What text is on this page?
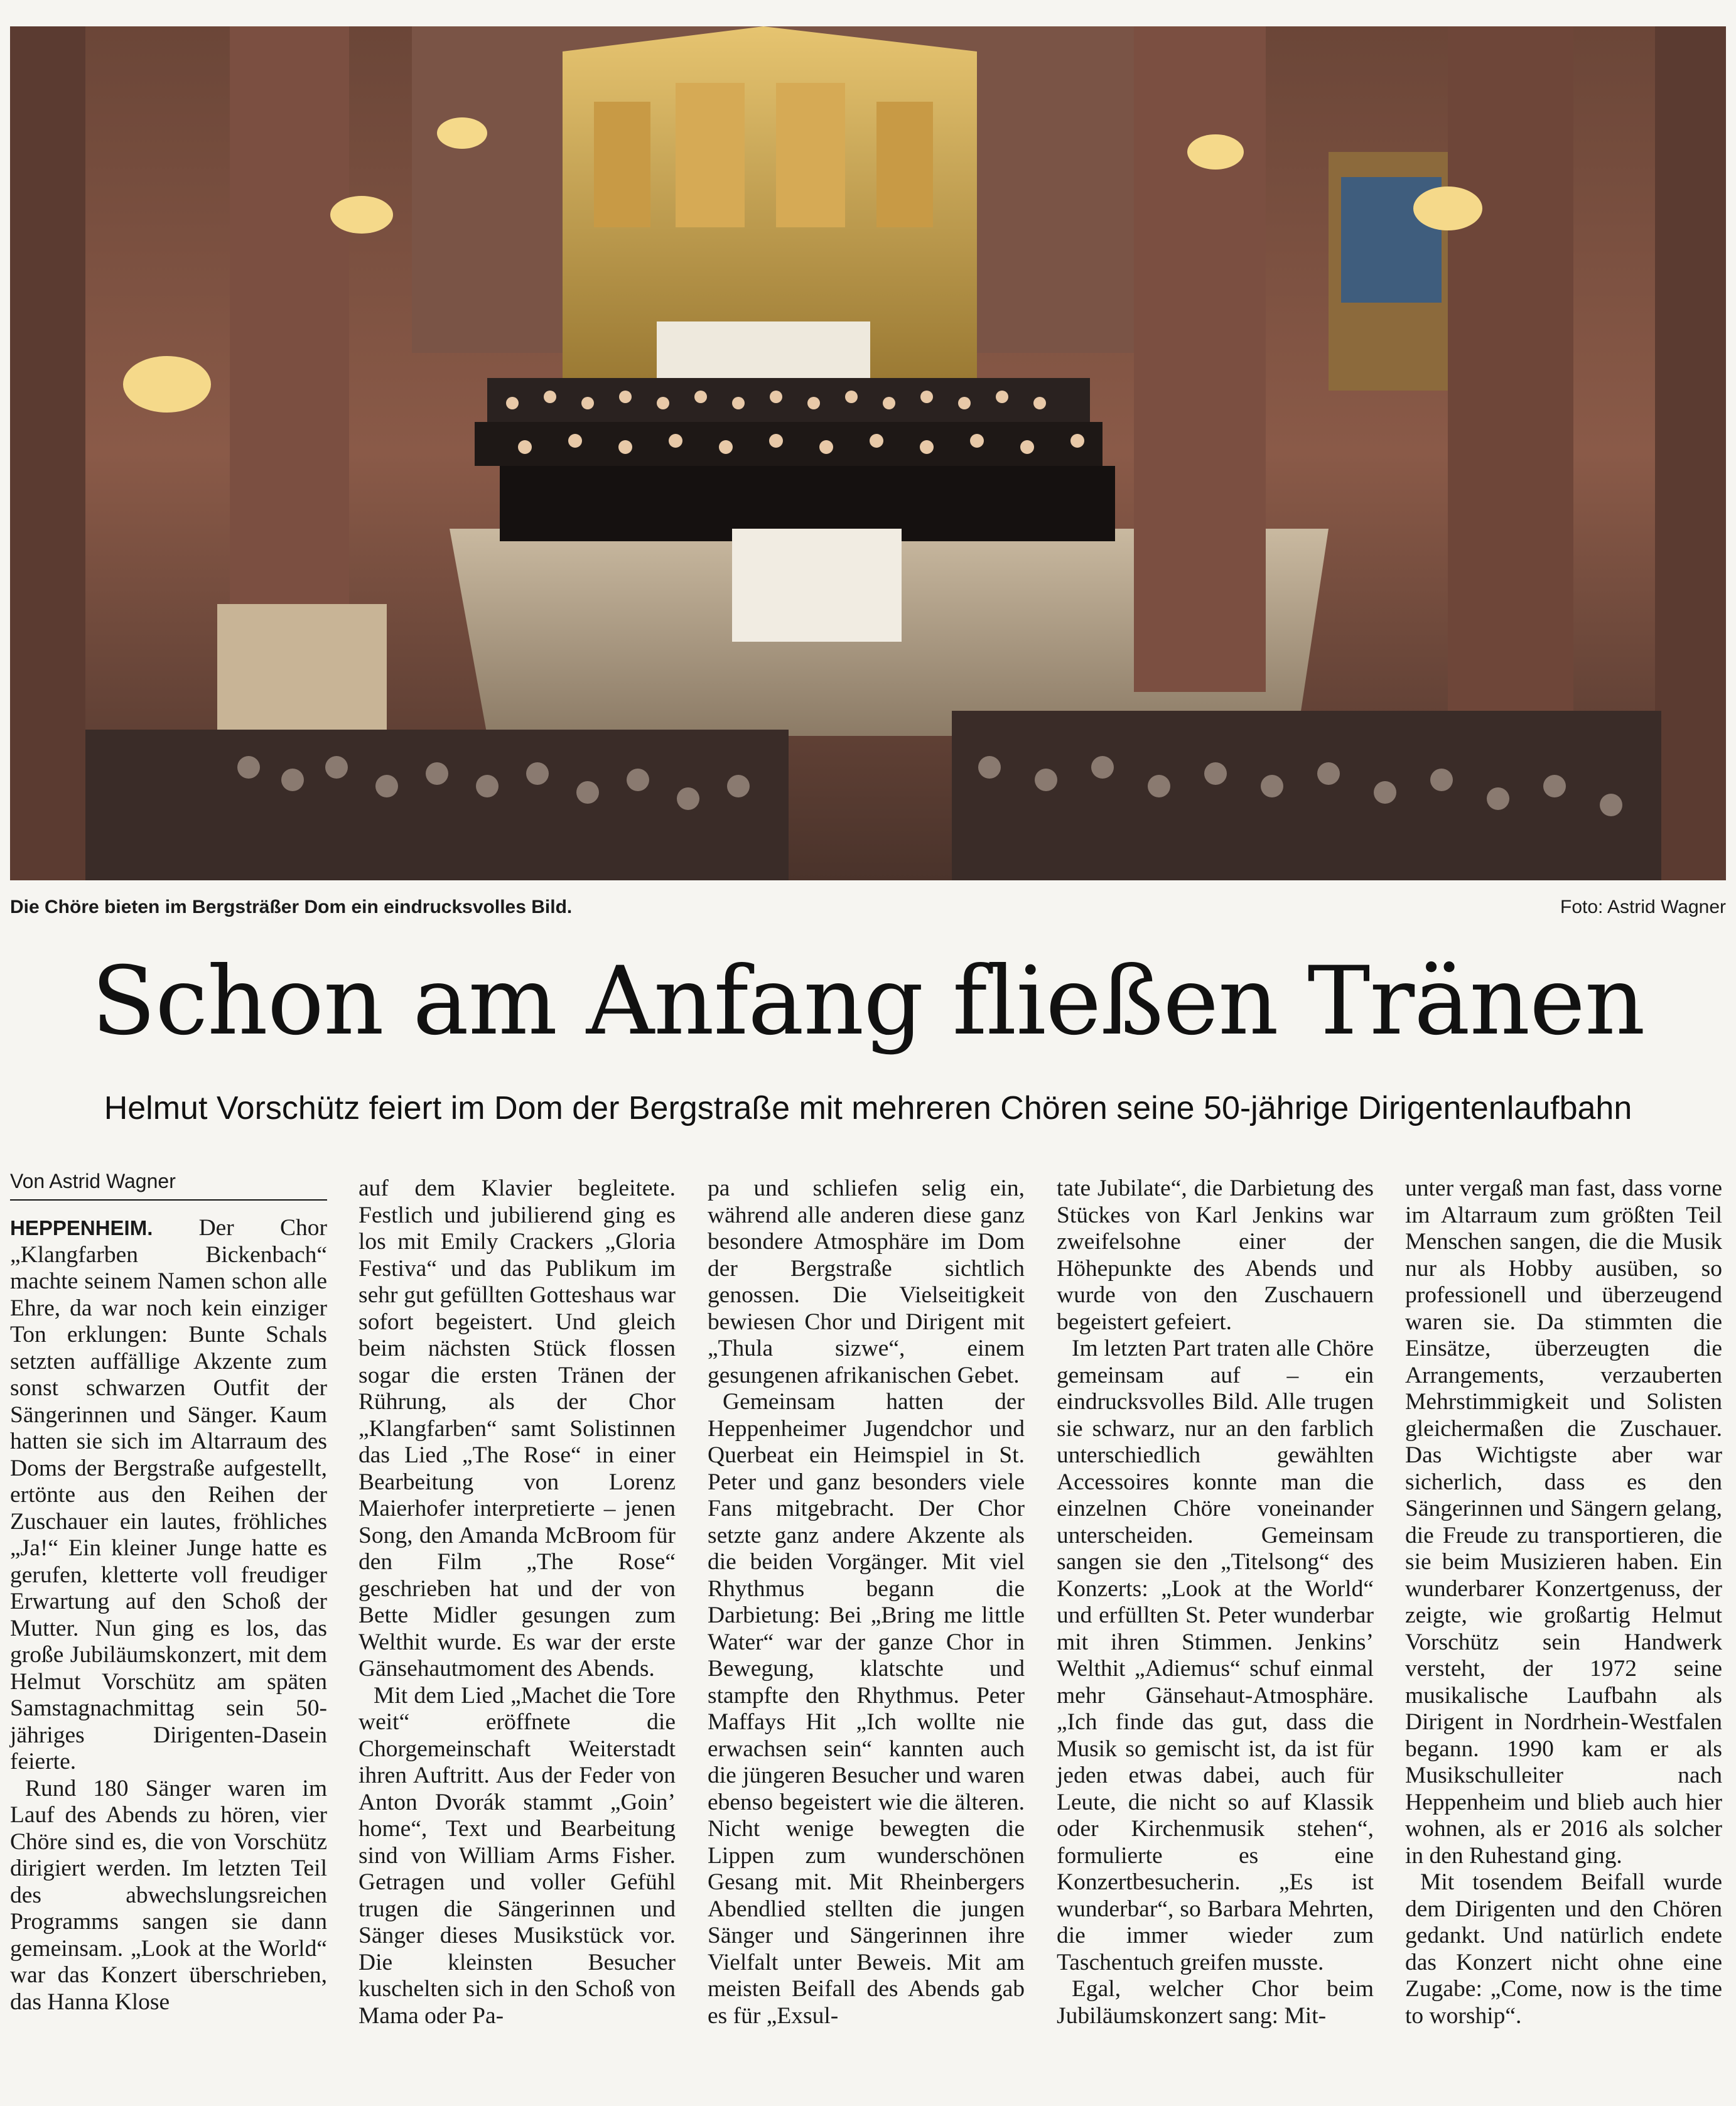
Die Chöre bieten im Bergsträßer Dom ein eindrucksvolles Bild.	Foto: Astrid Wagner
Schon am Anfang fließen Tränen
Helmut Vorschütz feiert im Dom der Bergstraße mit mehreren Chören seine 50-jährige Dirigentenlaufbahn
Von Astrid Wagner

HEPPENHEIM. Der Chor „Klangfarben Bickenbach“ machte seinem Namen schon alle Ehre, da war noch kein einziger Ton erklungen: Bunte Schals setzten auffällige Akzente zum sonst schwarzen Outfit der Sängerinnen und Sänger. Kaum hatten sie sich im Altarraum des Doms der Bergstraße aufgestellt, ertönte aus den Reihen der Zuschauer ein lautes, fröhliches „Ja!“ Ein kleiner Junge hatte es gerufen, kletterte voll freudiger Erwartung auf den Schoß der Mutter. Nun ging es los, das große Jubiläumskonzert, mit dem Helmut Vorschütz am späten Samstagnachmittag sein 50-jähriges Dirigenten-Dasein feierte.

Rund 180 Sänger waren im Lauf des Abends zu hören, vier Chöre sind es, die von Vorschütz dirigiert werden. Im letzten Teil des abwechslungsreichen Programms sangen sie dann gemeinsam. „Look at the World“ war das Konzert überschrieben, das Hanna Klose

auf dem Klavier begleitete. Festlich und jubilierend ging es los mit Emily Crackers „Gloria Festiva“ und das Publikum im sehr gut gefüllten Gotteshaus war sofort begeistert. Und gleich beim nächsten Stück flossen sogar die ersten Tränen der Rührung, als der Chor „Klangfarben“ samt Solistinnen das Lied „The Rose“ in einer Bearbeitung von Lorenz Maierhofer interpretierte – jenen Song, den Amanda McBroom für den Film „The Rose“ geschrieben hat und der von Bette Midler gesungen zum Welthit wurde. Es war der erste Gänsehautmoment des Abends.

Mit dem Lied „Machet die Tore weit“ eröffnete die Chorgemeinschaft Weiterstadt ihren Auftritt. Aus der Feder von Anton Dvorák stammt „Goin’ home“, Text und Bearbeitung sind von William Arms Fisher. Getragen und voller Gefühl trugen die Sängerinnen und Sänger dieses Musikstück vor. Die kleinsten Besucher kuschelten sich in den Schoß von Mama oder Pa-

pa und schliefen selig ein, während alle anderen diese ganz besondere Atmosphäre im Dom der Bergstraße sichtlich genossen. Die Vielseitigkeit bewiesen Chor und Dirigent mit „Thula sizwe“, einem gesungenen afrikanischen Gebet.

Gemeinsam hatten der Heppenheimer Jugendchor und Querbeat ein Heimspiel in St. Peter und ganz besonders viele Fans mitgebracht. Der Chor setzte ganz andere Akzente als die beiden Vorgänger. Mit viel Rhythmus begann die Darbietung: Bei „Bring me little Water“ war der ganze Chor in Bewegung, klatschte und stampfte den Rhythmus. Peter Maffays Hit „Ich wollte nie erwachsen sein“ kannten auch die jüngeren Besucher und waren ebenso begeistert wie die älteren. Nicht wenige bewegten die Lippen zum wunderschönen Gesang mit. Mit Rheinbergers Abendlied stellten die jungen Sänger und Sängerinnen ihre Vielfalt unter Beweis. Mit am meisten Beifall des Abends gab es für „Exsul-

tate Jubilate“, die Darbietung des Stückes von Karl Jenkins war zweifelsohne einer der Höhepunkte des Abends und wurde von den Zuschauern begeistert gefeiert.

Im letzten Part traten alle Chöre gemeinsam auf – ein eindrucksvolles Bild. Alle trugen sie schwarz, nur an den farblich unterschiedlich gewählten Accessoires konnte man die einzelnen Chöre voneinander unterscheiden. Gemeinsam sangen sie den „Titelsong“ des Konzerts: „Look at the World“ und erfüllten St. Peter wunderbar mit ihren Stimmen. Jenkins’ Welthit „Adiemus“ schuf einmal mehr Gänsehaut-Atmosphäre. „Ich finde das gut, dass die Musik so gemischt ist, da ist für jeden etwas dabei, auch für Leute, die nicht so auf Klassik oder Kirchenmusik stehen“, formulierte es eine Konzertbesucherin. „Es ist wunderbar“, so Barbara Mehrten, die immer wieder zum Taschentuch greifen musste.

Egal, welcher Chor beim Jubiläumskonzert sang: Mit-

unter vergaß man fast, dass vorne im Altarraum zum größten Teil Menschen sangen, die die Musik nur als Hobby ausüben, so professionell und überzeugend waren sie. Da stimmten die Einsätze, überzeugten die Arrangements, verzauberten Mehrstimmigkeit und Solisten gleichermaßen die Zuschauer. Das Wichtigste aber war sicherlich, dass es den Sängerinnen und Sängern gelang, die Freude zu transportieren, die sie beim Musizieren haben. Ein wunderbarer Konzertgenuss, der zeigte, wie großartig Helmut Vorschütz sein Handwerk versteht, der 1972 seine musikalische Laufbahn als Dirigent in Nordrhein-Westfalen begann. 1990 kam er als Musikschulleiter nach Heppenheim und blieb auch hier wohnen, als er 2016 als solcher in den Ruhestand ging.

Mit tosendem Beifall wurde dem Dirigenten und den Chören gedankt. Und natürlich endete das Konzert nicht ohne eine Zugabe: „Come, now is the time to worship“.
